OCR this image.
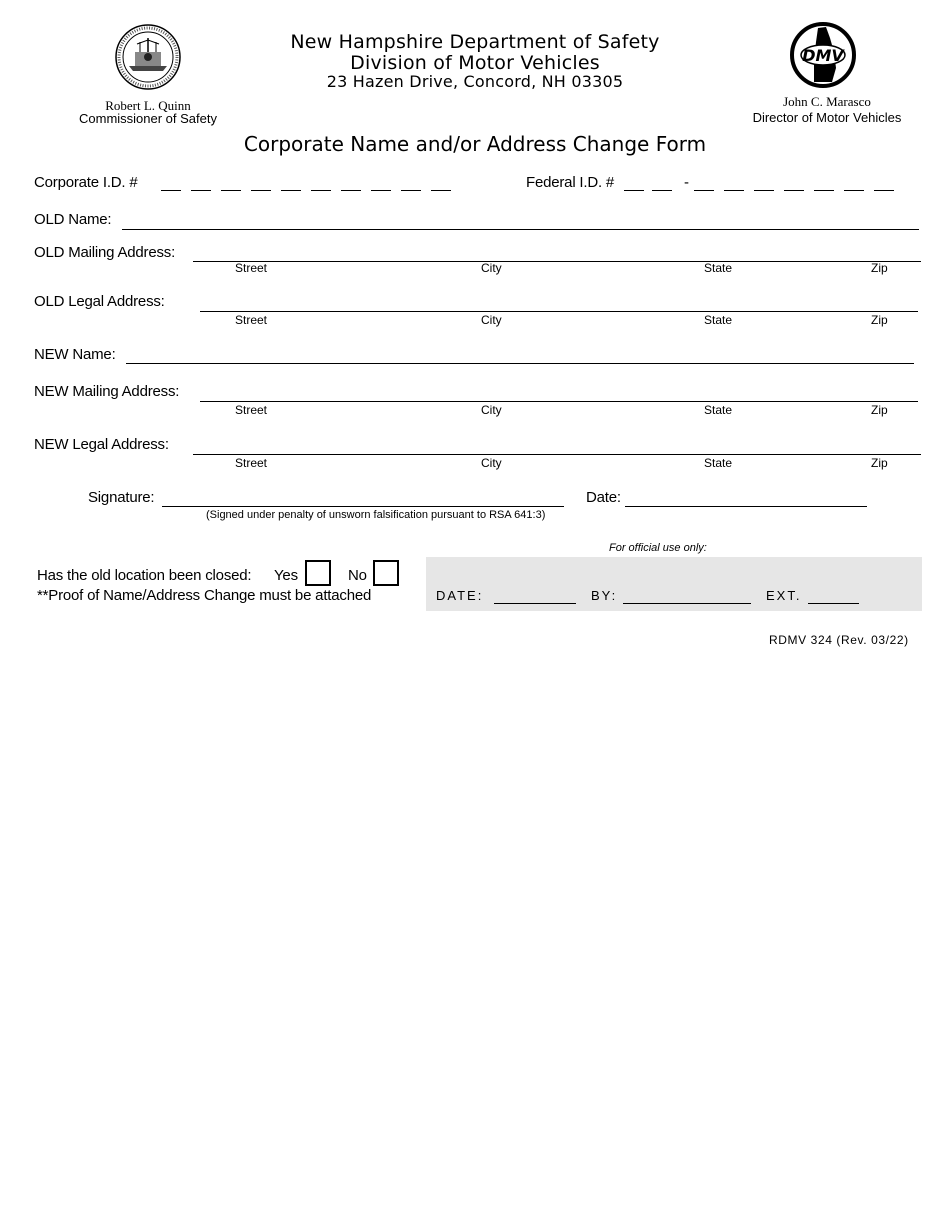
Robert L. Quinn
Commissioner of Safety
New Hampshire Department of Safety
Division of Motor Vehicles
23 Hazen Drive, Concord, NH 03305
DMV
John C. Marasco
Director of Motor Vehicles
Corporate Name and/or Address Change Form
Corporate I.D. #	Federal I.D. #	-
OLD Name:
OLD Mailing Address:
Street	City	State	Zip
OLD Legal Address:
Street	City	State	Zip
NEW Name:
NEW Mailing Address:
Street	City	State	Zip
NEW Legal Address:
Street	City	State	Zip
Signature:
(Signed under penalty of unsworn falsification pursuant to RSA 641:3)
Date:
For official use only:
Has the old location been closed: Yes	No
**Proof of Name/Address Change must be attached	DATE:	BY:	EXT.
RDMV 324 (Rev. 03/22)
